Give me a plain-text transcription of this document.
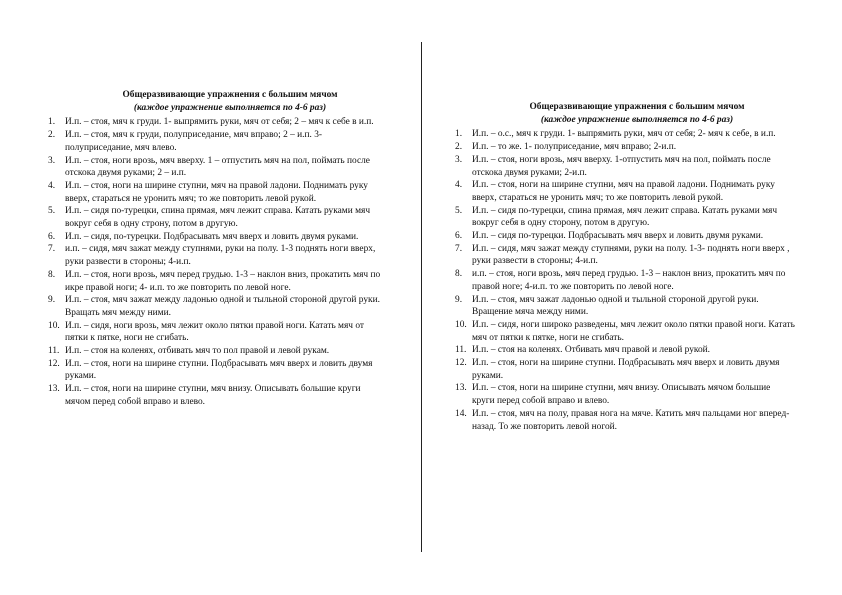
Общеразвивающие упражнения с большим мячом
(каждое упражнение выполняется по 4-6 раз)
1.	И.п. – стоя, мяч к груди. 1- выпрямить руки, мяч от себя; 2 – мяч к себе в и.п.
2.	И.п. – стоя, мяч к груди, полуприседание, мяч вправо; 2 – и.п. 3- полуприседание, мяч влево.
3.	И.п. – стоя, ноги врозь, мяч вверху. 1 – отпустить мяч на пол, поймать после отскока двумя руками; 2 – и.п.
4.	И.п. – стоя, ноги на ширине ступни, мяч на правой ладони. Поднимать руку вверх, стараться не уронить мяч; то же повторить левой рукой.
5.	И.п. – сидя по-турецки, спина прямая, мяч лежит справа. Катать руками мяч вокруг себя в одну строну, потом в другую.
6.	И.п. – сидя, по-турецки. Подбрасывать мяч вверх и ловить двумя руками.
7.	и.п. – сидя, мяч зажат между ступнями, руки на полу. 1-3 поднять ноги вверх, руки развести в стороны; 4-и.п.
8.	И.п. – стоя, ноги врозь, мяч перед грудью. 1-3 – наклон вниз, прокатить мяч по икре правой ноги; 4- и.п. то же повторить по левой ноге.
9.	И.п. – стоя, мяч зажат между ладонью одной и тыльной стороной другой руки. Вращать мяч между ними.
10. И.п. – сидя, ноги врозь, мяч лежит около пятки правой ноги. Катать мяч от пятки к пятке, ноги не сгибать.
11. И.п. – стоя на коленях, отбивать мяч то пол правой и левой рукам.
12. И.п. – стоя, ноги на ширине ступни. Подбрасывать мяч вверх и ловить двумя руками.
13. И.п. – стоя, ноги на ширине ступни, мяч внизу. Описывать большие круги мячом перед собой вправо и влево.
Общеразвивающие упражнения с большим мячом
(каждое упражнение выполняется по 4-6 раз)
1.	И.п. – о.с., мяч к груди. 1- выпрямить руки, мяч от себя; 2- мяч к себе, в и.п.
2.	И.п. – то же. 1- полуприседание, мяч вправо; 2-и.п.
3.	И.п. – стоя, ноги врозь, мяч вверху. 1-отпустить мяч на пол, поймать после отскока двумя руками; 2-и.п.
4.	И.п. – стоя, ноги на ширине ступни, мяч на правой ладони. Поднимать руку вверх, стараться не уронить мяч; то же повторить левой рукой.
5.	И.п. – сидя по-турецки, спина прямая, мяч лежит справа. Катать руками мяч вокруг себя в одну сторону, потом в другую.
6.	И.п. – сидя по-турецки. Подбрасывать мяч вверх и ловить двумя руками.
7.	И.п. – сидя, мяч зажат между ступнями, руки на полу. 1-3- поднять ноги вверх , руки развести в стороны; 4-и.п.
8.	и.п. – стоя, ноги врозь, мяч перед грудью. 1-3 – наклон вниз, прокатить мяч по правой ноге; 4-и.п. то же повторить по левой ноге.
9.	И.п. – стоя, мяч зажат ладонью одной и тыльной стороной другой руки. Вращение мяча между ними.
10. И.п. – сидя, ноги широко разведены, мяч лежит около пятки правой ноги. Катать мяч от пятки к пятке, ноги не сгибать.
11. И.п. – стоя на коленях. Отбивать мяч правой и левой рукой.
12. И.п. – стоя, ноги на ширине ступни. Подбрасывать мяч вверх и ловить двумя руками.
13. И.п. – стоя, ноги на ширине ступни, мяч внизу. Описывать мячом большие круги перед собой вправо и влево.
14. И.п. – стоя, мяч на полу, правая нога на мяче. Катить мяч пальцами ног вперед-назад. То же повторить левой ногой.
